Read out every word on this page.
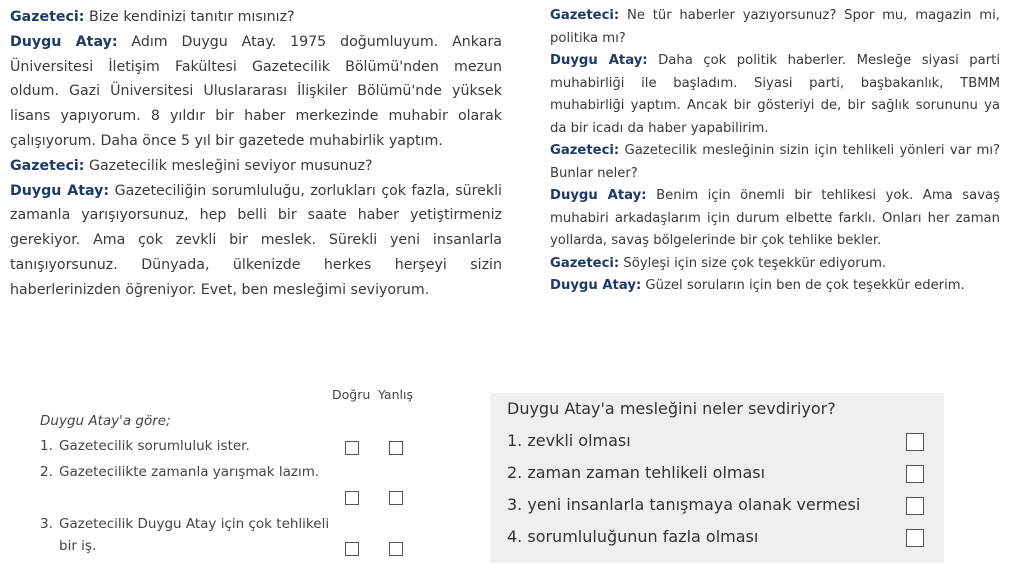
Gazeteci: Bize kendinizi tanıtır mısınız?

Duygu Atay: Adım Duygu Atay. 1975 doğumluyum. Ankara Üniversitesi İletişim Fakültesi Gazetecilik Bölümü'nden mezun oldum. Gazi Üniversitesi Uluslararası İlişkiler Bölümü'nde yüksek lisans yapıyorum. 8 yıldır bir haber merkezinde muhabir olarak çalışıyorum. Daha önce 5 yıl bir gazetede muhabirlik yaptım.

Gazeteci: Gazetecilik mesleğini seviyor musunuz?

Duygu Atay: Gazeteciliğin sorumluluğu, zorlukları çok fazla, sürekli zamanla yarışıyorsunuz, hep belli bir saate haber yetiştirmeniz gerekiyor. Ama çok zevkli bir meslek. Sürekli yeni insanlarla tanışıyorsunuz. Dünyada, ülkenizde herkes herşeyi sizin haberlerinizden öğreniyor. Evet, ben mesleğimi seviyorum.

Gazeteci: Ne tür haberler yazıyorsunuz? Spor mu, magazin mi, politika mı?

Duygu Atay: Daha çok politik haberler. Mesleğe siyasi parti muhabirliği ile başladım. Siyasi parti, başbakanlık, TBMM muhabirliği yaptım. Ancak bir gösteriyi de, bir sağlık sorununu ya da bir icadı da haber yapabilirim.

Gazeteci: Gazetecilik mesleğinin sizin için tehlikeli yönleri var mı? Bunlar neler?

Duygu Atay: Benim için önemli bir tehlikesi yok. Ama savaş muhabiri arkadaşlarım için durum elbette farklı. Onları her zaman yollarda, savaş bölgelerinde bir çok tehlike bekler.

Gazeteci: Söyleşi için size çok teşekkür ediyorum.

Duygu Atay: Güzel soruların için ben de çok teşekkür ederim.

Doğru Yanlış
Duygu Atay'a göre;
1. Gazetecilik sorumluluk ister.
2. Gazetecilikte zamanla yarışmak lazım.
3. Gazetecilik Duygu Atay için çok tehlikeli bir iş.
Duygu Atay'a mesleğini neler sevdiriyor?
1. zevkli olması
2. zaman zaman tehlikeli olması
3. yeni insanlarla tanışmaya olanak vermesi
4. sorumluluğunun fazla olması
